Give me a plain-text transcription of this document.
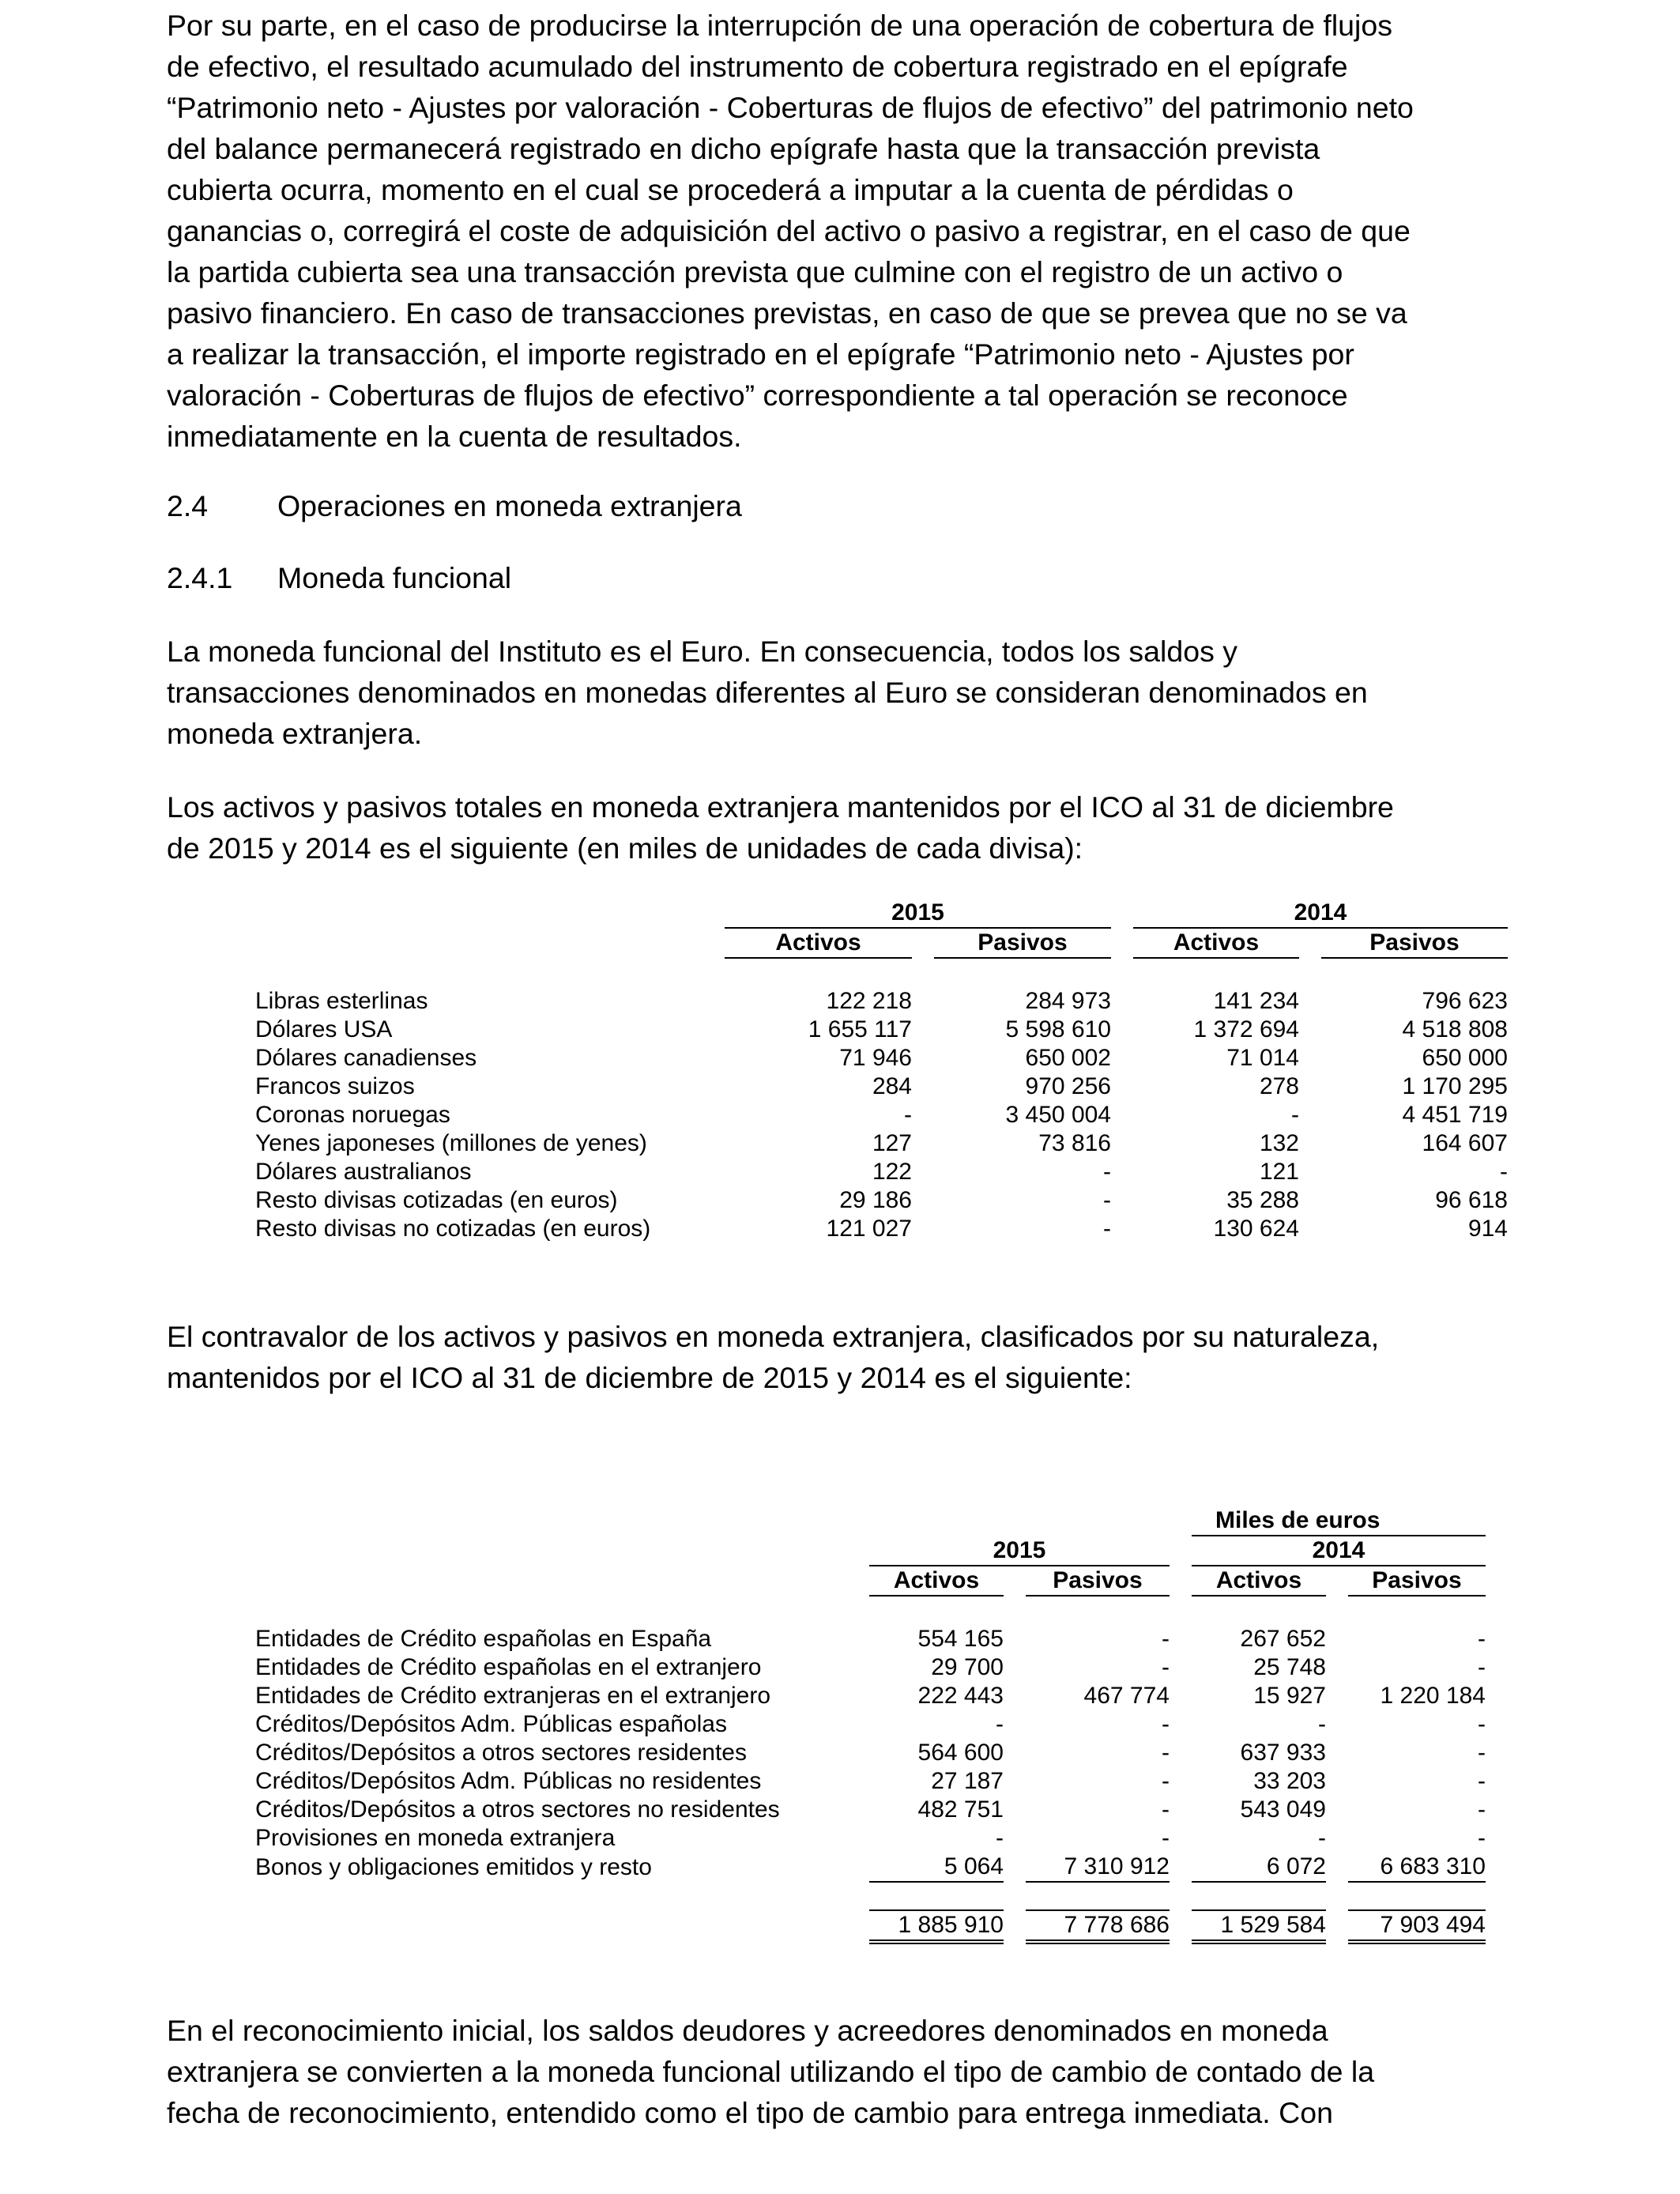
Por su parte, en el caso de producirse la interrupción de una operación de cobertura de flujos
de efectivo, el resultado acumulado del instrumento de cobertura registrado en el epígrafe
“Patrimonio neto - Ajustes por valoración - Coberturas de flujos de efectivo” del patrimonio neto
del balance permanecerá registrado en dicho epígrafe hasta que la transacción prevista
cubierta ocurra, momento en el cual se procederá a imputar a la cuenta de pérdidas o
ganancias o, corregirá el coste de adquisición del activo o pasivo a registrar, en el caso de que
la partida cubierta sea una transacción prevista que culmine con el registro de un activo o
pasivo financiero. En caso de transacciones previstas, en caso de que se prevea que no se va
a realizar la transacción, el importe registrado en el epígrafe “Patrimonio neto - Ajustes por
valoración - Coberturas de flujos de efectivo” correspondiente a tal operación se reconoce
inmediatamente en la cuenta de resultados.

2.4 Operaciones en moneda extranjera

2.4.1 Moneda funcional

La moneda funcional del Instituto es el Euro. En consecuencia, todos los saldos y
transacciones denominados en monedas diferentes al Euro se consideran denominados en
moneda extranjera.

Los activos y pasivos totales en moneda extranjera mantenidos por el ICO al 31 de diciembre
de 2015 y 2014 es el siguiente (en miles de unidades de cada divisa):

	2015				2014		
	Activos		Pasivos		Activos		Pasivos

Libras esterlinas	122 218		284 973		141 234		796 623
Dólares USA	1 655 117		5 598 610		1 372 694		4 518 808
Dólares canadienses	71 946		650 002		71 014		650 000
Francos suizos	284		970 256		278		1 170 295
Coronas noruegas	-		3 450 004		-		4 451 719
Yenes japoneses (millones de yenes)	127		73 816		132		164 607
Dólares australianos	122		-		121		-
Resto divisas cotizadas (en euros)	29 186		-		35 288		96 618
Resto divisas no cotizadas (en euros)	121 027		-		130 624		914

El contravalor de los activos y pasivos en moneda extranjera, clasificados por su naturaleza,
mantenidos por el ICO al 31 de diciembre de 2015 y 2014 es el siguiente:

					Miles de euros		
	2015				2014		
	Activos		Pasivos		Activos		Pasivos

Entidades de Crédito españolas en España	554 165		-		267 652		-
Entidades de Crédito españolas en el extranjero	29 700		-		25 748		-
Entidades de Crédito extranjeras en el extranjero	222 443		467 774		15 927		1 220 184
Créditos/Depósitos Adm. Públicas españolas	-		-		-		-
Créditos/Depósitos a otros sectores residentes	564 600		-		637 933		-
Créditos/Depósitos Adm. Públicas no residentes	27 187		-		33 203		-
Créditos/Depósitos a otros sectores no residentes	482 751		-		543 049		-
Provisiones en moneda extranjera	-		-		-		-
Bonos y obligaciones emitidos y resto	5 064		7 310 912		6 072		6 683 310

	1 885 910		7 778 686		1 529 584		7 903 494

En el reconocimiento inicial, los saldos deudores y acreedores denominados en moneda
extranjera se convierten a la moneda funcional utilizando el tipo de cambio de contado de la
fecha de reconocimiento, entendido como el tipo de cambio para entrega inmediata. Con
